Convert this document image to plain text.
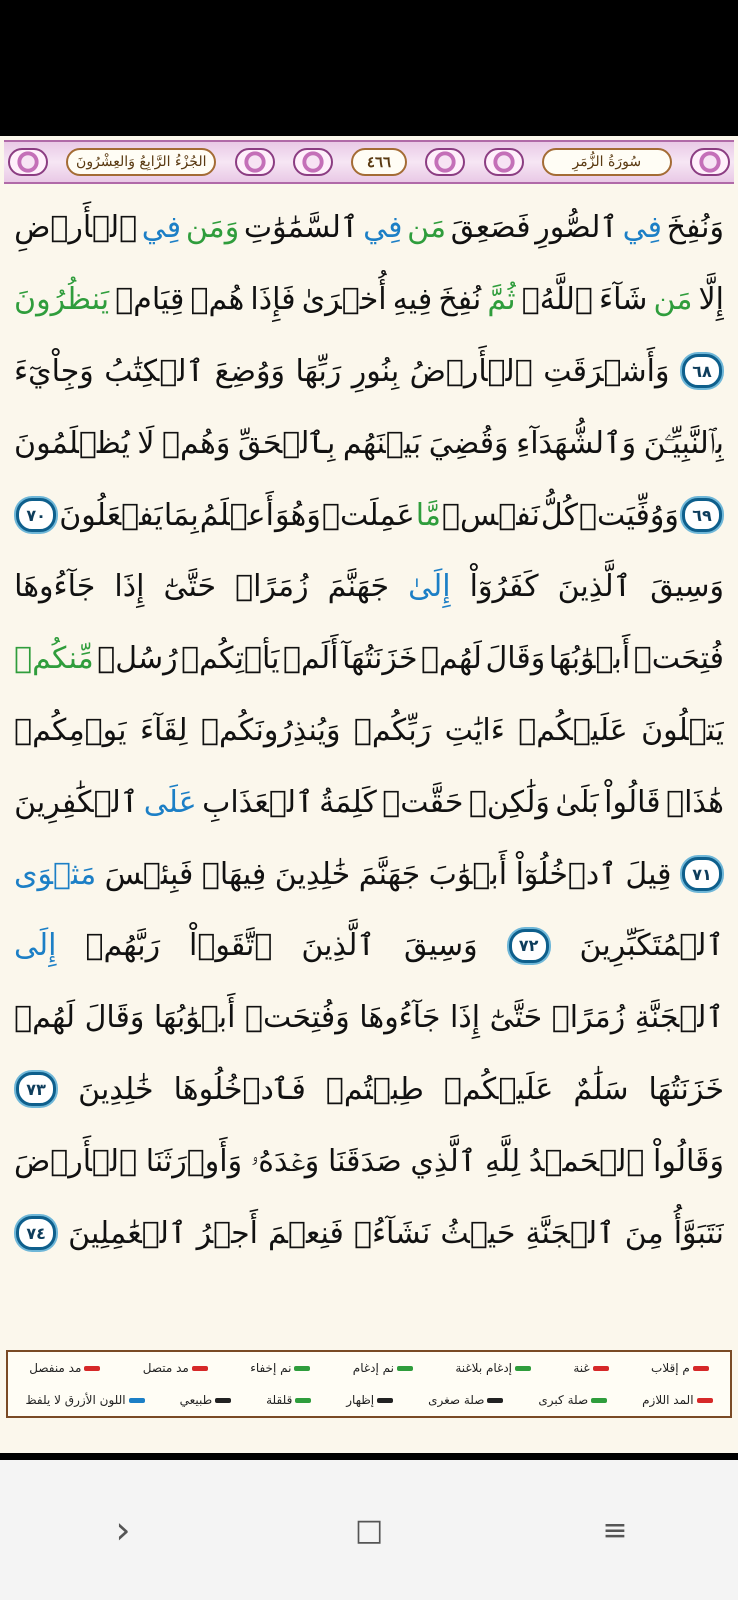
الجُزْءُ الرَّابِعُ وَالعِشْرُونَ	٤٦٦	سُورَةُ الزُّمَرِ
وَنُفِخَ
فِي
ٱلصُّورِ
فَصَعِقَ
مَن
فِي
ٱلسَّمَٰوَٰتِ
وَمَن
فِي
ٱلۡأَرۡضِ
إِلَّا
مَن
شَآءَ
ٱللَّهُۖ
ثُمَّ
نُفِخَ
فِيهِ
أُخۡرَىٰ
فَإِذَا
هُمۡ
قِيَامٞ
يَنظُرُونَ
٦٨
وَأَشۡرَقَتِ
ٱلۡأَرۡضُ
بِنُورِ
رَبِّهَا
وَوُضِعَ
ٱلۡكِتَٰبُ
وَجِاْيٓءَ
بِٱلنَّبِيِّـۧنَ
وَٱلشُّهَدَآءِ
وَقُضِيَ
بَيۡنَهُم
بِٱلۡحَقِّ
وَهُمۡ
لَا
يُظۡلَمُونَ
٦٩
وَوُفِّيَتۡ
كُلُّ
نَفۡسٖ
مَّا
عَمِلَتۡ
وَهُوَ
أَعۡلَمُ
بِمَا
يَفۡعَلُونَ
٧٠
وَسِيقَ
ٱلَّذِينَ
كَفَرُوٓاْ
إِلَىٰ
جَهَنَّمَ
زُمَرًاۖ
حَتَّىٰٓ
إِذَا
جَآءُوهَا
فُتِحَتۡ
أَبۡوَٰبُهَا
وَقَالَ
لَهُمۡ
خَزَنَتُهَآ
أَلَمۡ
يَأۡتِكُمۡ
رُسُلٞ
مِّنكُمۡ
يَتۡلُونَ
عَلَيۡكُمۡ
ءَايَٰتِ
رَبِّكُمۡ
وَيُنذِرُونَكُمۡ
لِقَآءَ
يَوۡمِكُمۡ
هَٰذَاۚ
قَالُواْ
بَلَىٰ
وَلَٰكِنۡ
حَقَّتۡ
كَلِمَةُ
ٱلۡعَذَابِ
عَلَى
ٱلۡكَٰفِرِينَ
٧١
قِيلَ
ٱدۡخُلُوٓاْ
أَبۡوَٰبَ
جَهَنَّمَ
خَٰلِدِينَ
فِيهَاۖ
فَبِئۡسَ
مَثۡوَى
ٱلۡمُتَكَبِّرِينَ
٧٢
وَسِيقَ
ٱلَّذِينَ
ٱتَّقَوۡاْ
رَبَّهُمۡ
إِلَى
ٱلۡجَنَّةِ
زُمَرًاۖ
حَتَّىٰٓ
إِذَا
جَآءُوهَا
وَفُتِحَتۡ
أَبۡوَٰبُهَا
وَقَالَ
لَهُمۡ
خَزَنَتُهَا
سَلَٰمٌ
عَلَيۡكُمۡ
طِبۡتُمۡ
فَٱدۡخُلُوهَا
خَٰلِدِينَ
٧٣
وَقَالُواْ
ٱلۡحَمۡدُ
لِلَّهِ
ٱلَّذِي
صَدَقَنَا
وَعۡدَهُۥ
وَأَوۡرَثَنَا
ٱلۡأَرۡضَ
نَتَبَوَّأُ
مِنَ
ٱلۡجَنَّةِ
حَيۡثُ
نَشَآءُۖ
فَنِعۡمَ
أَجۡرُ
ٱلۡعَٰمِلِينَ
٧٤
م إقلاب
غنة
إدغام بلاغنة
نم إدغام
نم إخفاء
مد متصل
مد منفصل
المد اللازم
صلة كبرى
صلة صغرى
إظهار
قلقلة
طبيعي
اللون الأزرق لا يلفظ
›	□	≡
